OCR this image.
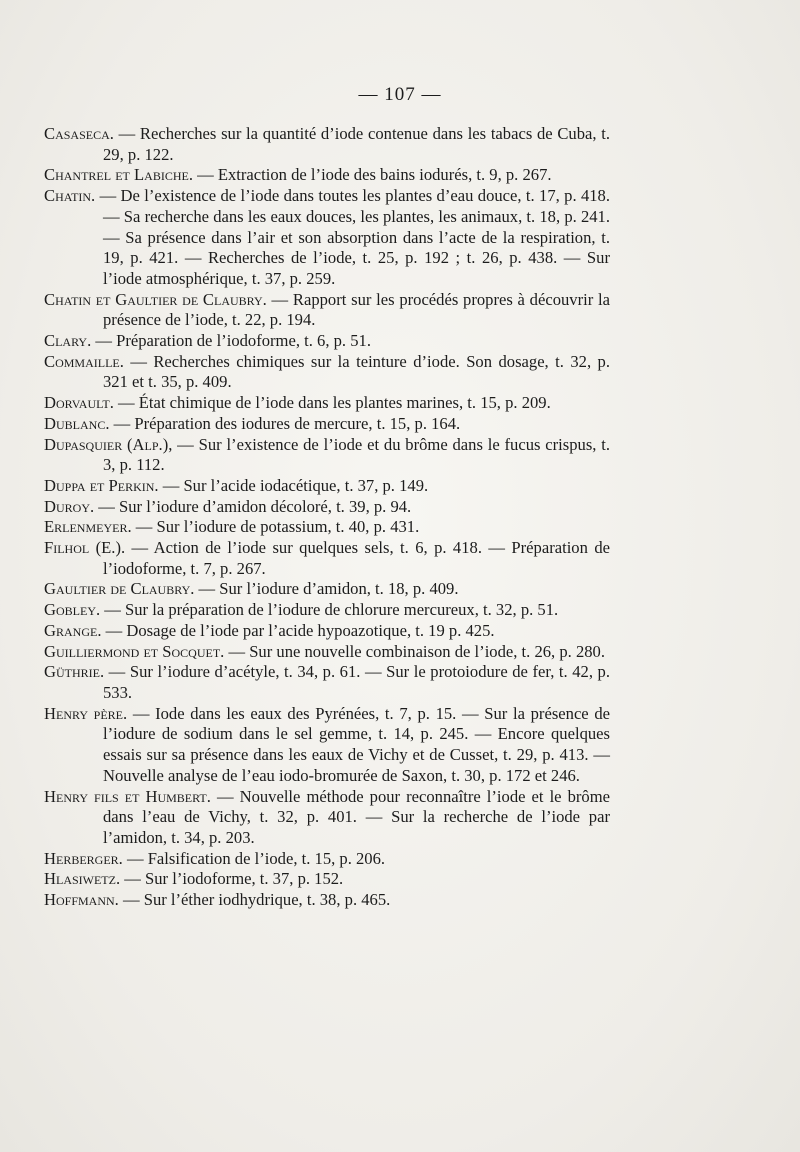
— 107 —

Casaseca. — Recherches sur la quantité d’iode contenue dans les tabacs de Cuba, t. 29, p. 122.

Chantrel et Labiche. — Extraction de l’iode des bains iodurés, t. 9, p. 267.

Chatin. — De l’existence de l’iode dans toutes les plantes d’eau douce, t. 17, p. 418. — Sa recherche dans les eaux douces, les plantes, les animaux, t. 18, p. 241. — Sa présence dans l’air et son absorption dans l’acte de la respiration, t. 19, p. 421. — Recherches de l’iode, t. 25, p. 192 ; t. 26, p. 438. — Sur l’iode atmosphérique, t. 37, p. 259.

Chatin et Gaultier de Claubry. — Rapport sur les procédés propres à découvrir la présence de l’iode, t. 22, p. 194.

Clary. — Préparation de l’iodoforme, t. 6, p. 51.

Commaille. — Recherches chimiques sur la teinture d’iode. Son dosage, t. 32, p. 321 et t. 35, p. 409.

Dorvault. — État chimique de l’iode dans les plantes marines, t. 15, p. 209.

Dublanc. — Préparation des iodures de mercure, t. 15, p. 164.

Dupasquier (Alp.), — Sur l’existence de l’iode et du brôme dans le fucus crispus, t. 3, p. 112.

Duppa et Perkin. — Sur l’acide iodacétique, t. 37, p. 149.

Duroy. — Sur l’iodure d’amidon décoloré, t. 39, p. 94.

Erlenmeyer. — Sur l’iodure de potassium, t. 40, p. 431.

Filhol (E.). — Action de l’iode sur quelques sels, t. 6, p. 418. — Préparation de l’iodoforme, t. 7, p. 267.

Gaultier de Claubry. — Sur l’iodure d’amidon, t. 18, p. 409.

Gobley. — Sur la préparation de l’iodure de chlorure mercureux, t. 32, p. 51.

Grange. — Dosage de l’iode par l’acide hypoazotique, t. 19 p. 425.

Guilliermond et Socquet. — Sur une nouvelle combinaison de l’iode, t. 26, p. 280.

Güthrie. — Sur l’iodure d’acétyle, t. 34, p. 61. — Sur le protoiodure de fer, t. 42, p. 533.

Henry père. — Iode dans les eaux des Pyrénées, t. 7, p. 15. — Sur la présence de l’iodure de sodium dans le sel gemme, t. 14, p. 245. — Encore quelques essais sur sa présence dans les eaux de Vichy et de Cusset, t. 29, p. 413. — Nouvelle analyse de l’eau iodo-bromurée de Saxon, t. 30, p. 172 et 246.

Henry fils et Humbert. — Nouvelle méthode pour reconnaître l’iode et le brôme dans l’eau de Vichy, t. 32, p. 401. — Sur la recherche de l’iode par l’amidon, t. 34, p. 203.

Herberger. — Falsification de l’iode, t. 15, p. 206.

Hlasiwetz. — Sur l’iodoforme, t. 37, p. 152.

Hoffmann. — Sur l’éther iodhydrique, t. 38, p. 465.
